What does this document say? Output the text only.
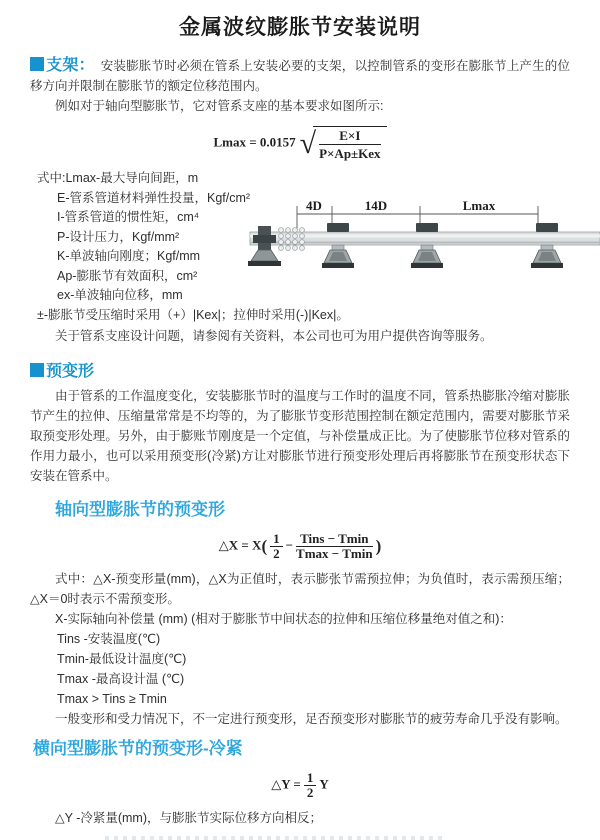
金属波纹膨胀节安装说明

支架： 安装膨胀节时必须在管系上安装必要的支架，以控制管系的变形在膨胀节上产生的位移方向并限制在膨胀节的额定位移范围内。

例如对于轴向型膨胀节，它对管系支座的基本要求如图所示:

Lmax = 0.0157 √
$\frac{E\times I}{\text{P×Ap±Kex}}$
式中:Lmax-最大导向间距，m
E-管系管道材料弹性投量，Kgf/cm²
I-管系管道的惯性矩，cm⁴
P-设计压力，Kgf/mm²
K-单波轴向刚度；Kgf/mm
Ap-膨胀节有效面积，cm²
ex-单波轴向位移，mm
±-膨胀节受压缩时采用（+）|Kex|；拉伸时采用(-)|Kex|。
4D	14D	Lmax

关于管系支座设计问题，请参阅有关资料，本公司也可为用户提供咨询等服务。

预变形

由于管系的工作温度变化，安装膨胀节时的温度与工作时的温度不同，管系热膨胀冷缩对膨胀节产生的拉伸、压缩量常常是不均等的，为了膨胀节变形范围控制在额定范围内，需要对膨胀节采取预变形处理。另外，由于膨账节刚度是一个定值，与补偿量成正比。为了使膨胀节位移对管系的作用力最小，也可以采用预变形(冷紧)方让对膨胀节进行预变形处理后再将膨胀节在预变形状态下安装在管系中。

轴向型膨胀节的预变形
△X = $X( \frac{1}{2} - \frac{\text{Tins − Tmin}}{Tmax - Tmin}$ )

式中：△X-预变形量(mm)，△X为正值时，表示膨张节需预拉伸；为负值时，表示需预压缩；△X＝0时表示不需预变形。

X-实际轴向补偿量 (mm) (相对于膨胀节中间状态的拉伸和压缩位移量绝对值之和)：

Tins -安装温度(℃)
Tmin-最低设计温度(℃)
Tmax -最高设计温 (℃)
Tmax > Tins ≥ Tmin

一般变形和受力情况下，不一定进行预变形，足否预变形对膨胀节的疲劳寿命几乎没有影响。

横向型膨胀节的预变形-冷紧
△Y = $\frac{1}{2}$ Y

△Y -冷紧量(mm)，与膨胀节实际位移方向相反；
